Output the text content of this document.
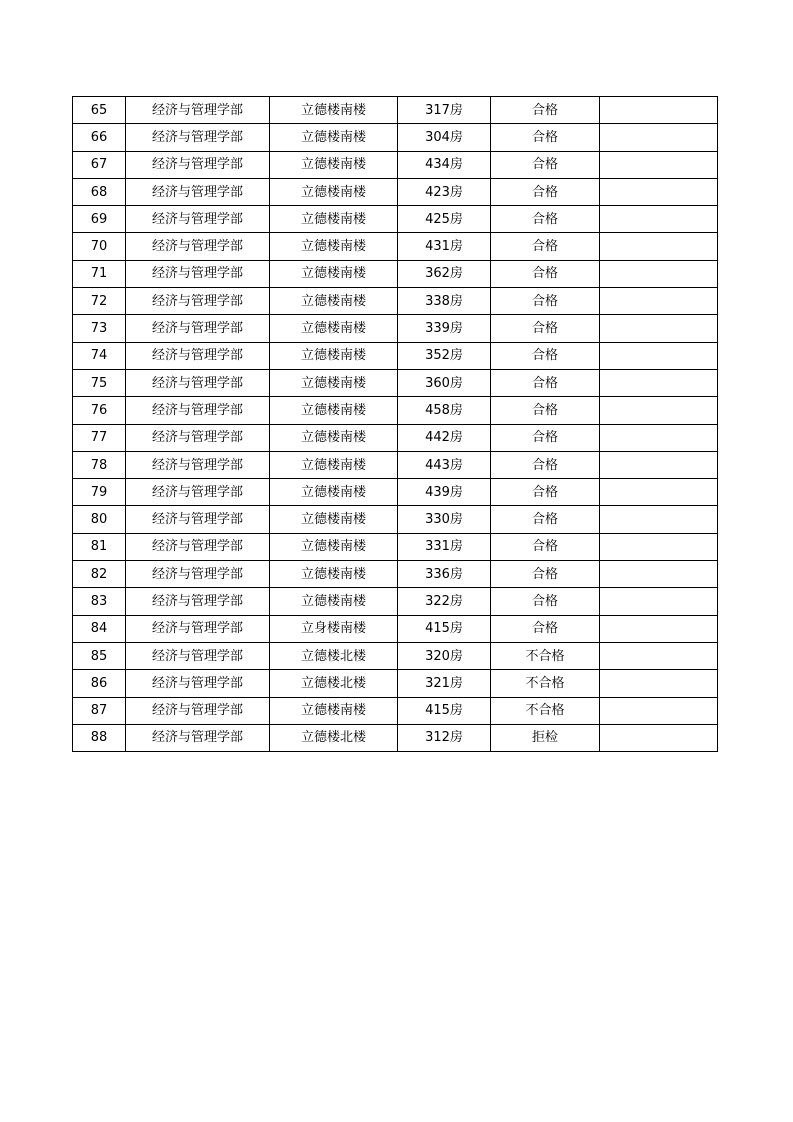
65	经济与管理学部	立德楼南楼	317房	合格	
66	经济与管理学部	立德楼南楼	304房	合格	
67	经济与管理学部	立德楼南楼	434房	合格	
68	经济与管理学部	立德楼南楼	423房	合格	
69	经济与管理学部	立德楼南楼	425房	合格	
70	经济与管理学部	立德楼南楼	431房	合格	
71	经济与管理学部	立德楼南楼	362房	合格	
72	经济与管理学部	立德楼南楼	338房	合格	
73	经济与管理学部	立德楼南楼	339房	合格	
74	经济与管理学部	立德楼南楼	352房	合格	
75	经济与管理学部	立德楼南楼	360房	合格	
76	经济与管理学部	立德楼南楼	458房	合格	
77	经济与管理学部	立德楼南楼	442房	合格	
78	经济与管理学部	立德楼南楼	443房	合格	
79	经济与管理学部	立德楼南楼	439房	合格	
80	经济与管理学部	立德楼南楼	330房	合格	
81	经济与管理学部	立德楼南楼	331房	合格	
82	经济与管理学部	立德楼南楼	336房	合格	
83	经济与管理学部	立德楼南楼	322房	合格	
84	经济与管理学部	立身楼南楼	415房	合格	
85	经济与管理学部	立德楼北楼	320房	不合格	
86	经济与管理学部	立德楼北楼	321房	不合格	
87	经济与管理学部	立德楼南楼	415房	不合格	
88	经济与管理学部	立德楼北楼	312房	拒检	
